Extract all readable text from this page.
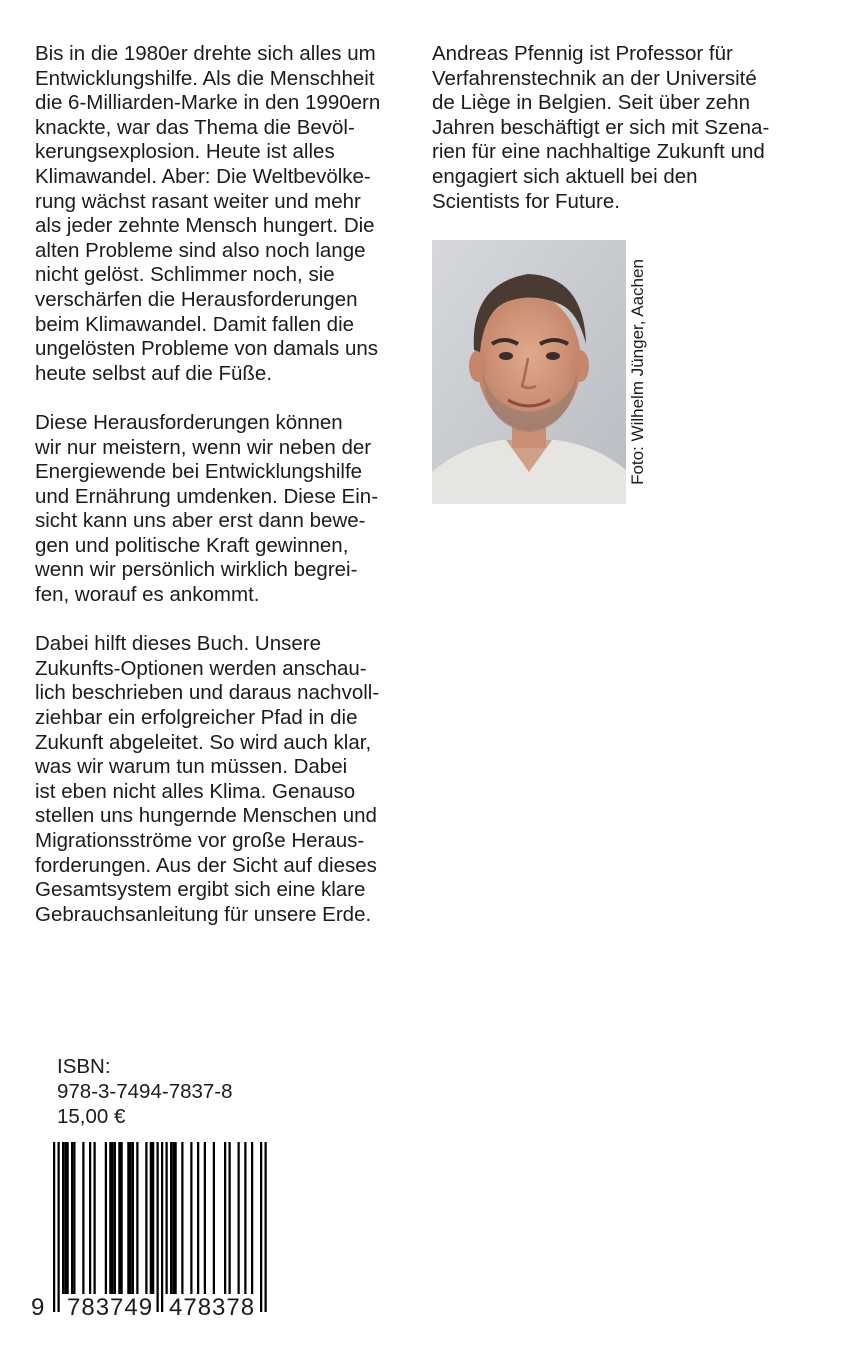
Bis in die 1980er drehte sich alles um
Entwicklungshilfe. Als die Menschheit
die 6-Milliarden-Marke in den 1990ern
knackte, war das Thema die Bevöl-
kerungsexplosion. Heute ist alles
Klimawandel. Aber: Die Weltbevölke-
rung wächst rasant weiter und mehr
als jeder zehnte Mensch hungert. Die
alten Probleme sind also noch lange
nicht gelöst. Schlimmer noch, sie
verschärfen die Herausforderungen
beim Klimawandel. Damit fallen die
ungelösten Probleme von damals uns
heute selbst auf die Füße.

Diese Herausforderungen können
wir nur meistern, wenn wir neben der
Energiewende bei Entwicklungshilfe
und Ernährung umdenken. Diese Ein-
sicht kann uns aber erst dann bewe-
gen und politische Kraft gewinnen,
wenn wir persönlich wirklich begrei-
fen, worauf es ankommt.

Dabei hilft dieses Buch. Unsere
Zukunfts-Optionen werden anschau-
lich beschrieben und daraus nachvoll-
ziehbar ein erfolgreicher Pfad in die
Zukunft abgeleitet. So wird auch klar,
was wir warum tun müssen. Dabei
ist eben nicht alles Klima. Genauso
stellen uns hungernde Menschen und
Migrationsströme vor große Heraus-
forderungen. Aus der Sicht auf dieses
Gesamtsystem ergibt sich eine klare
Gebrauchsanleitung für unsere Erde.

Andreas Pfennig ist Professor für
Verfahrenstechnik an der Université
de Liège in Belgien. Seit über zehn
Jahren beschäftigt er sich mit Szena-
rien für eine nachhaltige Zukunft und
engagiert sich aktuell bei den
Scientists for Future.
Foto: Wilhelm Jünger, Aachen
ISBN:
978-3-7494-7837-8
15,00 €
9 783749 478378
